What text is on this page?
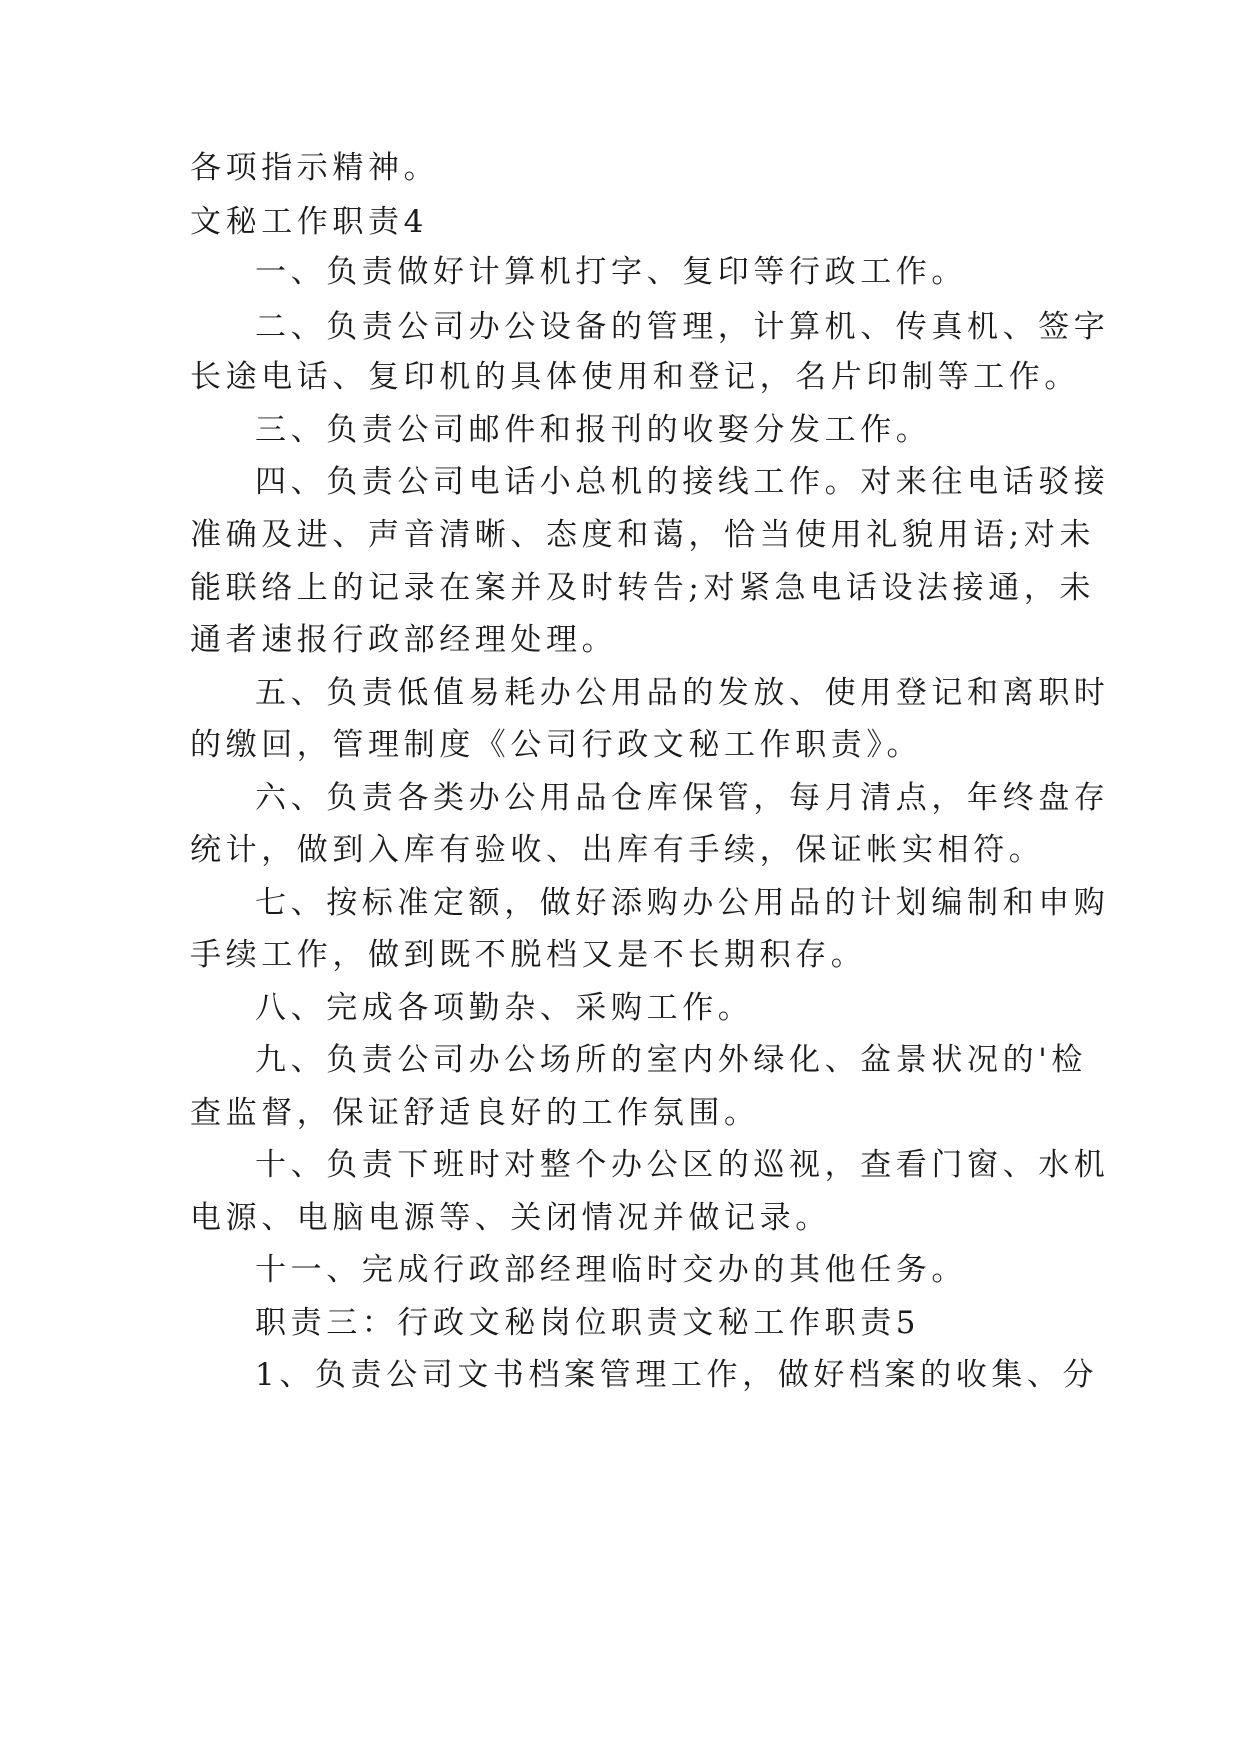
各项指示精神。
文秘工作职责4
一、负责做好计算机打字、复印等行政工作。
二、负责公司办公设备的管理，计算机、传真机、签字
长途电话、复印机的具体使用和登记，名片印制等工作。
三、负责公司邮件和报刊的收娶分发工作。
四、负责公司电话小总机的接线工作。对来往电话驳接
准确及进、声音清晰、态度和蔼，恰当使用礼貌用语;对未
能联络上的记录在案并及时转告;对紧急电话设法接通，未
通者速报行政部经理处理。
五、负责低值易耗办公用品的发放、使用登记和离职时
的缴回，管理制度《公司行政文秘工作职责》。
六、负责各类办公用品仓库保管，每月清点，年终盘存
统计，做到入库有验收、出库有手续，保证帐实相符。
七、按标准定额，做好添购办公用品的计划编制和申购
手续工作，做到既不脱档又是不长期积存。
八、完成各项勤杂、采购工作。
九、负责公司办公场所的室内外绿化、盆景状况的'检
查监督，保证舒适良好的工作氛围。
十、负责下班时对整个办公区的巡视，查看门窗、水机
电源、电脑电源等、关闭情况并做记录。
十一、完成行政部经理临时交办的其他任务。
职责三：行政文秘岗位职责文秘工作职责5
1、负责公司文书档案管理工作，做好档案的收集、分
